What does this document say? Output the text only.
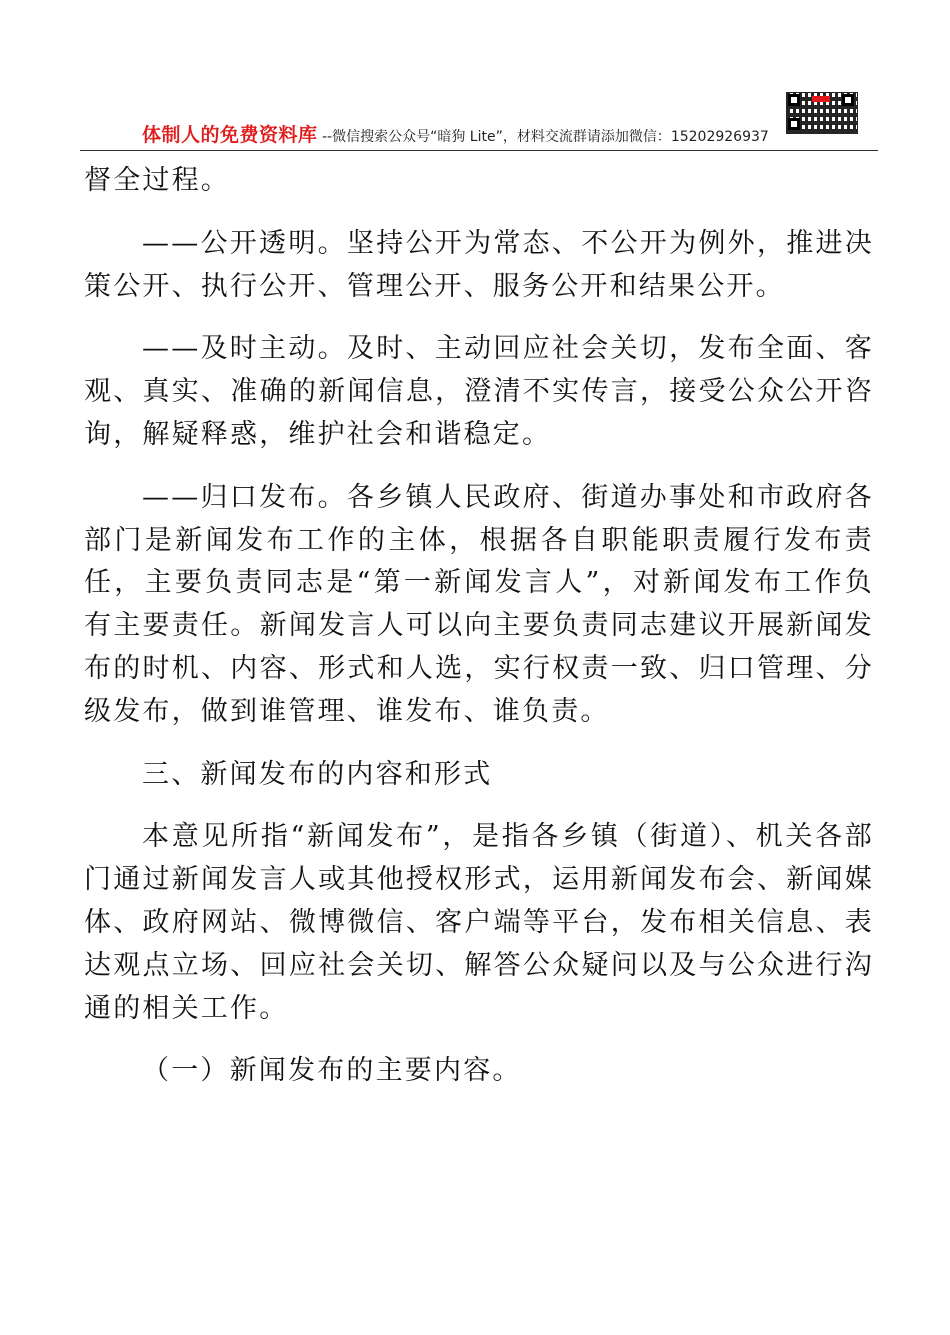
体制人的免费资料库 --微信搜索公众号“暗狗 Lite”，材料交流群请添加微信：15202926937

督全过程。

——公开透明。坚持公开为常态、不公开为例外，推进决策公开、执行公开、管理公开、服务公开和结果公开。

——及时主动。及时、主动回应社会关切，发布全面、客观、真实、准确的新闻信息，澄清不实传言，接受公众公开咨询，解疑释惑，维护社会和谐稳定。

——归口发布。各乡镇人民政府、街道办事处和市政府各部门是新闻发布工作的主体，根据各自职能职责履行发布责任，主要负责同志是“第一新闻发言人”，对新闻发布工作负有主要责任。新闻发言人可以向主要负责同志建议开展新闻发布的时机、内容、形式和人选，实行权责一致、归口管理、分级发布，做到谁管理、谁发布、谁负责。

三、新闻发布的内容和形式

本意见所指“新闻发布”，是指各乡镇（街道）、机关各部门通过新闻发言人或其他授权形式，运用新闻发布会、新闻媒体、政府网站、微博微信、客户端等平台，发布相关信息、表达观点立场、回应社会关切、解答公众疑问以及与公众进行沟通的相关工作。

（一）新闻发布的主要内容。
